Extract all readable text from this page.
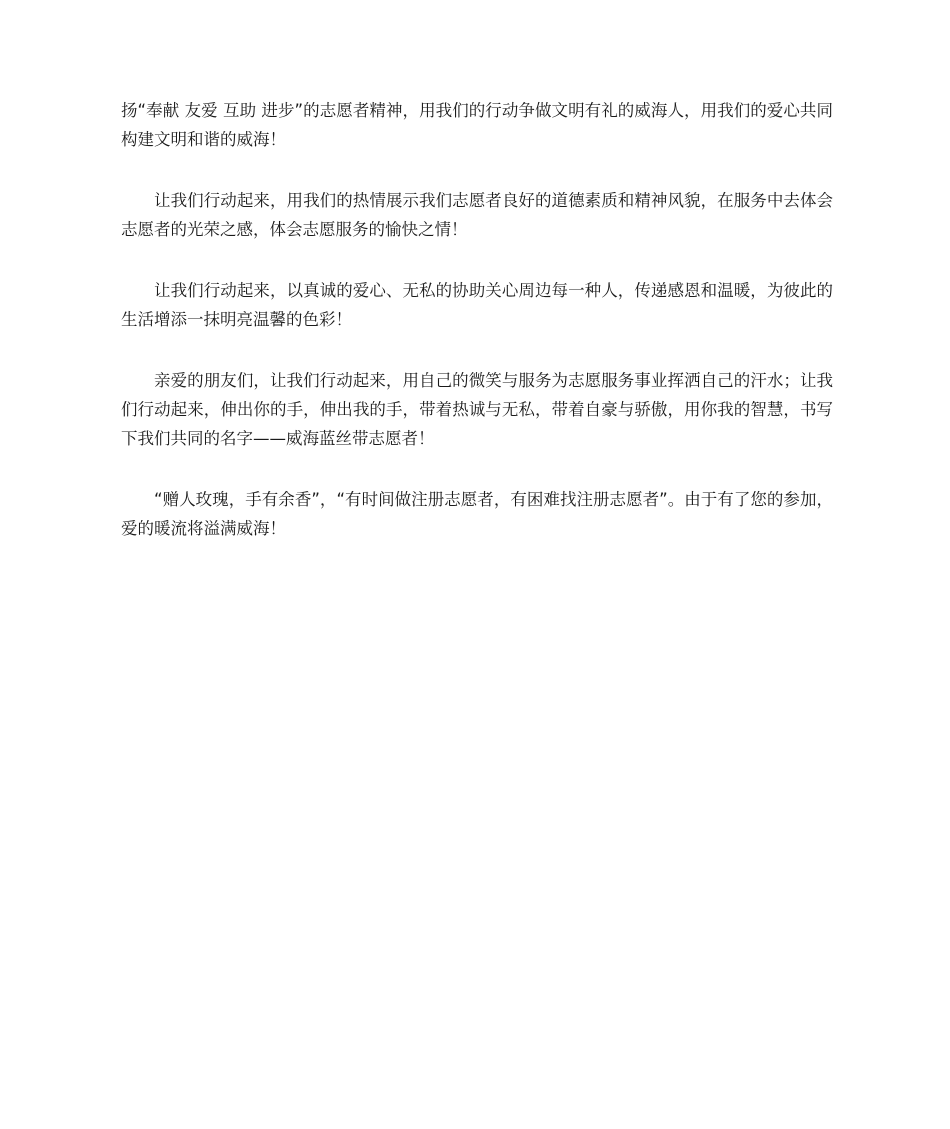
扬“奉献 友爱 互助 进步”的志愿者精神，用我们的行动争做文明有礼的威海人，用我们的爱心共同构建文明和谐的威海！

让我们行动起来，用我们的热情展示我们志愿者良好的道德素质和精神风貌，在服务中去体会志愿者的光荣之感，体会志愿服务的愉快之情！

让我们行动起来，以真诚的爱心、无私的协助关心周边每一种人，传递感恩和温暖，为彼此的生活增添一抹明亮温馨的色彩！

亲爱的朋友们，让我们行动起来，用自己的微笑与服务为志愿服务事业挥洒自己的汗水；让我们行动起来，伸出你的手，伸出我的手，带着热诚与无私，带着自豪与骄傲，用你我的智慧，书写下我们共同的名字——威海蓝丝带志愿者！

“赠人玫瑰，手有余香”，“有时间做注册志愿者，有困难找注册志愿者”。由于有了您的参加，爱的暖流将溢满威海！
